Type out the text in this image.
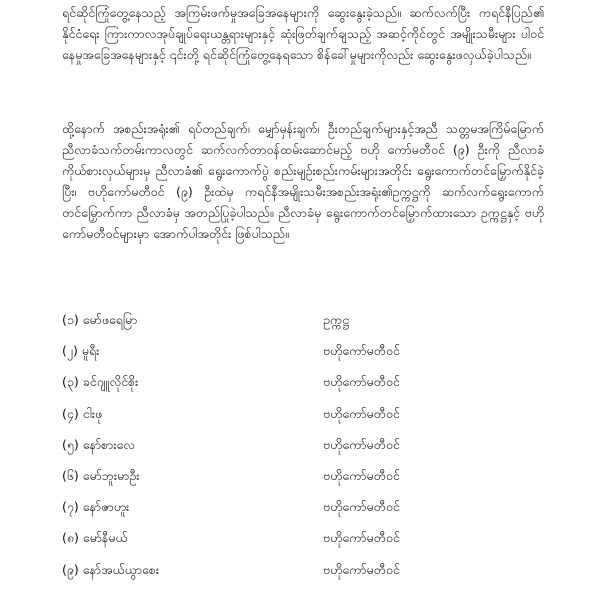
ရင်ဆိုင်ကြုံတွေ့နေသည့် အကြမ်းဖက်မှုအခြေအနေများကို ဆွေးနွေးခဲ့သည်။ ဆက်လက်ပြီး ကရင်နီပြည်၏ နိုင်ငံရေး ကြားကာလအုပ်ချုပ်ရေးယန္တရားများနှင့် ဆုံးဖြတ်ချက်ချသည့် အဆင့်ကိုင်တွင် အမျိုးသမီးများ ပါဝင်နေမှုအခြေအနေများနှင့် ၎င်းတို့ ရင်ဆိုင်ကြုံတွေ့နေရသော စိန်ခေါ်မှုများကိုလည်း ဆွေးနွေးဖလှယ်ခဲ့ပါသည်။

ထို့နောက် အစည်းအရုံး၏ ရပ်တည်ချက်၊ မျှော်မှန်းချက်၊ ဦးတည်ချက်များနှင့်အညီ သတ္တမအကြိမ်မြောက် ညီလာခံသက်တမ်းကာလတွင် ဆက်လက်တာဝန်ထမ်းဆောင်မည့် ဗဟို ကော်မတီဝင် (၉) ဦးကို ညီလာခံကိုယ်စားလှယ်များမှ ညီလာခံ၏ ရွေးကောက်ပွဲ စည်းမျဉ်းစည်းကမ်းများအတိုင်း ရွေးကောက်တင်မြှောက်နိုင်ခဲ့ပြီး၊ ဗဟိုကော်မတီဝင် (၉) ဦးထဲမှ ကရင်နီအမျိုးသမီးအစည်းအရုံး၏ဥက္ကဋ္ဌကို ဆက်လက်ရွေးကောက်တင်မြှောက်ကာ ညီလာခံမှ အတည်ပြုခဲ့ပါသည်။ ညီလာခံမှ ရွေးကောက်တင်မြှောက်ထားသော ဥက္ကဋ္ဌနှင့် ဗဟိုကော်မတီဝင်များမှာ အောက်ပါအတိုင်း ဖြစ်ပါသည်။

(၁) မော်ဖရေမြာ	ဥက္ကဋ္ဌ
(၂) မူရီး	ဗဟိုကော်မတီဝင်
(၃) ခင်ဂျူလိုင်စိုး	ဗဟိုကော်မတီဝင်
(၄) ငါးဖု	ဗဟိုကော်မတီဝင်
(၅) နော်စားလေ	ဗဟိုကော်မတီဝင်
(၆) မော်ဘူးမာဦး	ဗဟိုကော်မတီဝင်
(၇) နော်ဇာဟူး	ဗဟိုကော်မတီဝင်
(၈) မော်နီမယ်	ဗဟိုကော်မတီဝင်
(၉) နော်အယ်ယွာစေး	ဗဟိုကော်မတီဝင်
